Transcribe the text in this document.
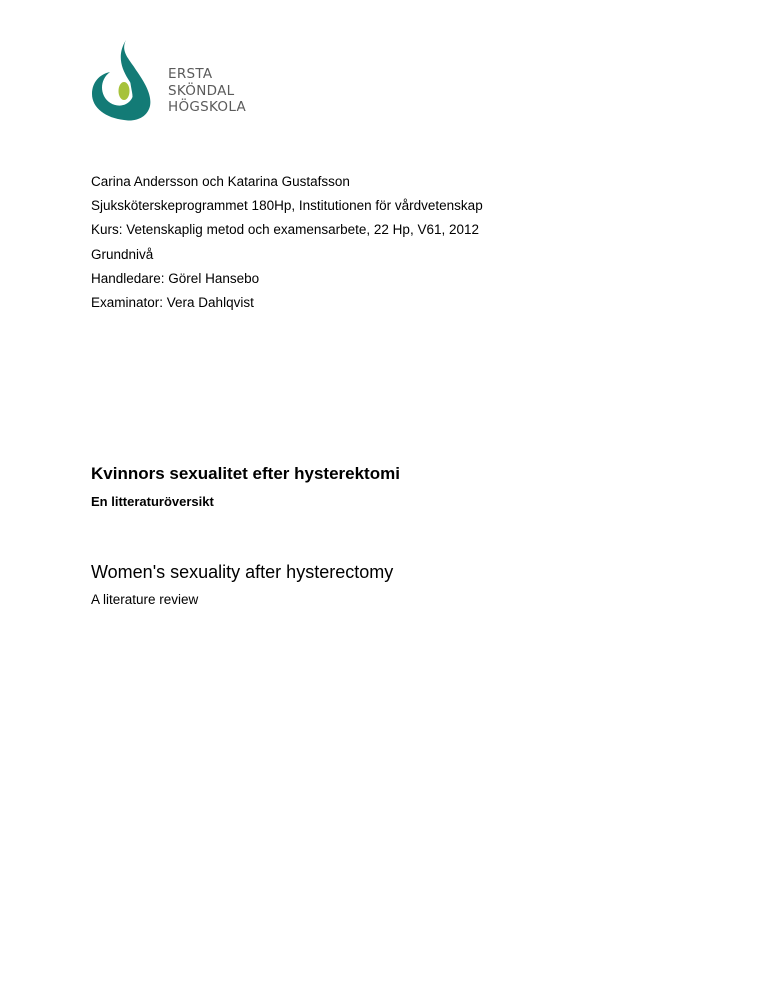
ERSTA
SKÖNDAL
HÖGSKOLA
Carina Andersson och Katarina Gustafsson
Sjuksköterskeprogrammet 180Hp, Institutionen för vårdvetenskap
Kurs: Vetenskaplig metod och examensarbete, 22 Hp, V61, 2012
Grundnivå
Handledare: Görel Hansebo
Examinator: Vera Dahlqvist
Kvinnors sexualitet efter hysterektomi
En litteraturöversikt
Women's sexuality after hysterectomy
A literature review
